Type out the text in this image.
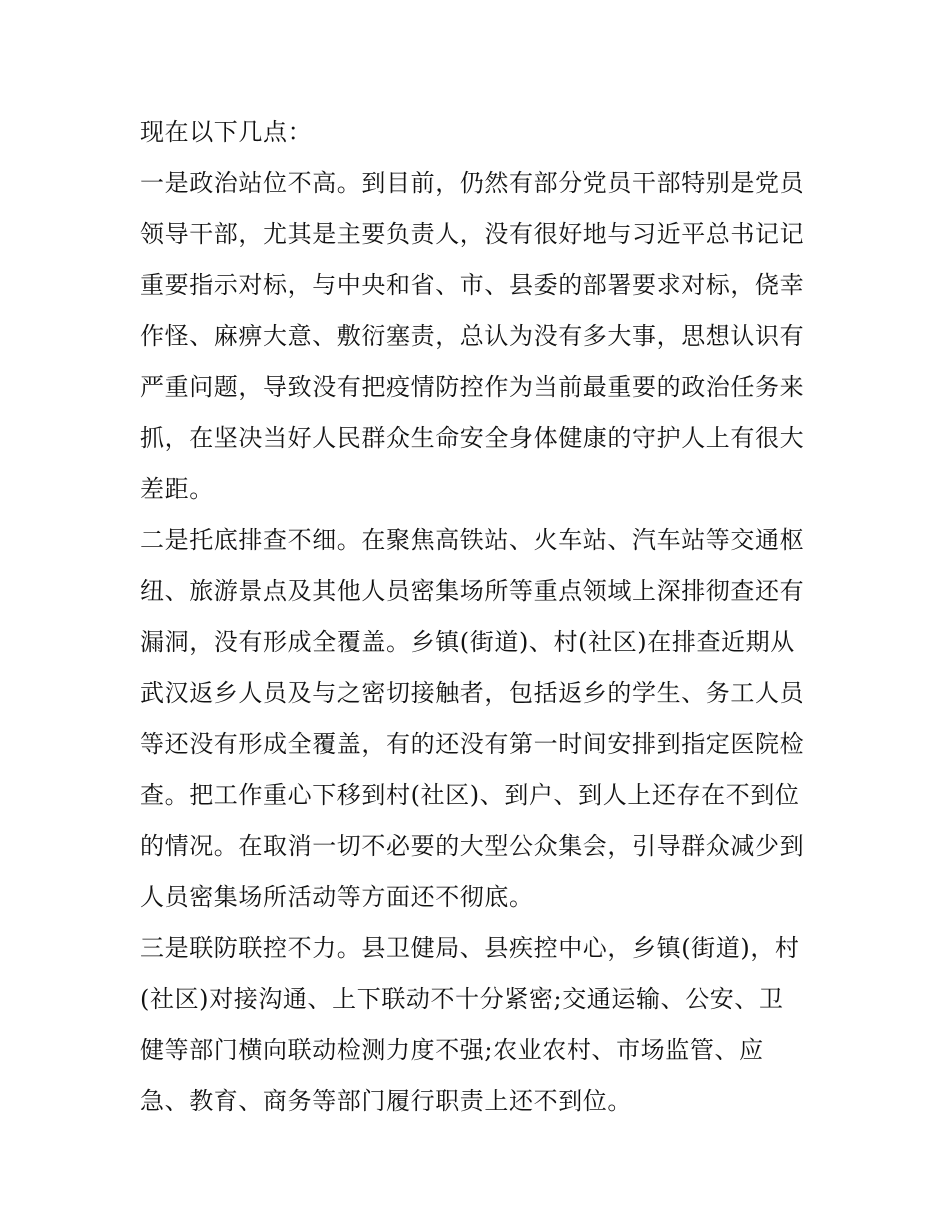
现在以下几点：
一是政治站位不高。到目前，仍然有部分党员干部特别是党员
领导干部，尤其是主要负责人，没有很好地与习近平总书记记
重要指示对标，与中央和省、市、县委的部署要求对标，侥幸
作怪、麻痹大意、敷衍塞责，总认为没有多大事，思想认识有
严重问题，导致没有把疫情防控作为当前最重要的政治任务来
抓，在坚决当好人民群众生命安全身体健康的守护人上有很大
差距。
二是托底排查不细。在聚焦高铁站、火车站、汽车站等交通枢
纽、旅游景点及其他人员密集场所等重点领域上深排彻查还有
漏洞，没有形成全覆盖。乡镇(街道)、村(社区)在排查近期从
武汉返乡人员及与之密切接触者，包括返乡的学生、务工人员
等还没有形成全覆盖，有的还没有第一时间安排到指定医院检
查。把工作重心下移到村(社区)、到户、到人上还存在不到位
的情况。在取消一切不必要的大型公众集会，引导群众减少到
人员密集场所活动等方面还不彻底。
三是联防联控不力。县卫健局、县疾控中心，乡镇(街道)，村
(社区)对接沟通、上下联动不十分紧密;交通运输、公安、卫
健等部门横向联动检测力度不强;农业农村、市场监管、应
急、教育、商务等部门履行职责上还不到位。
